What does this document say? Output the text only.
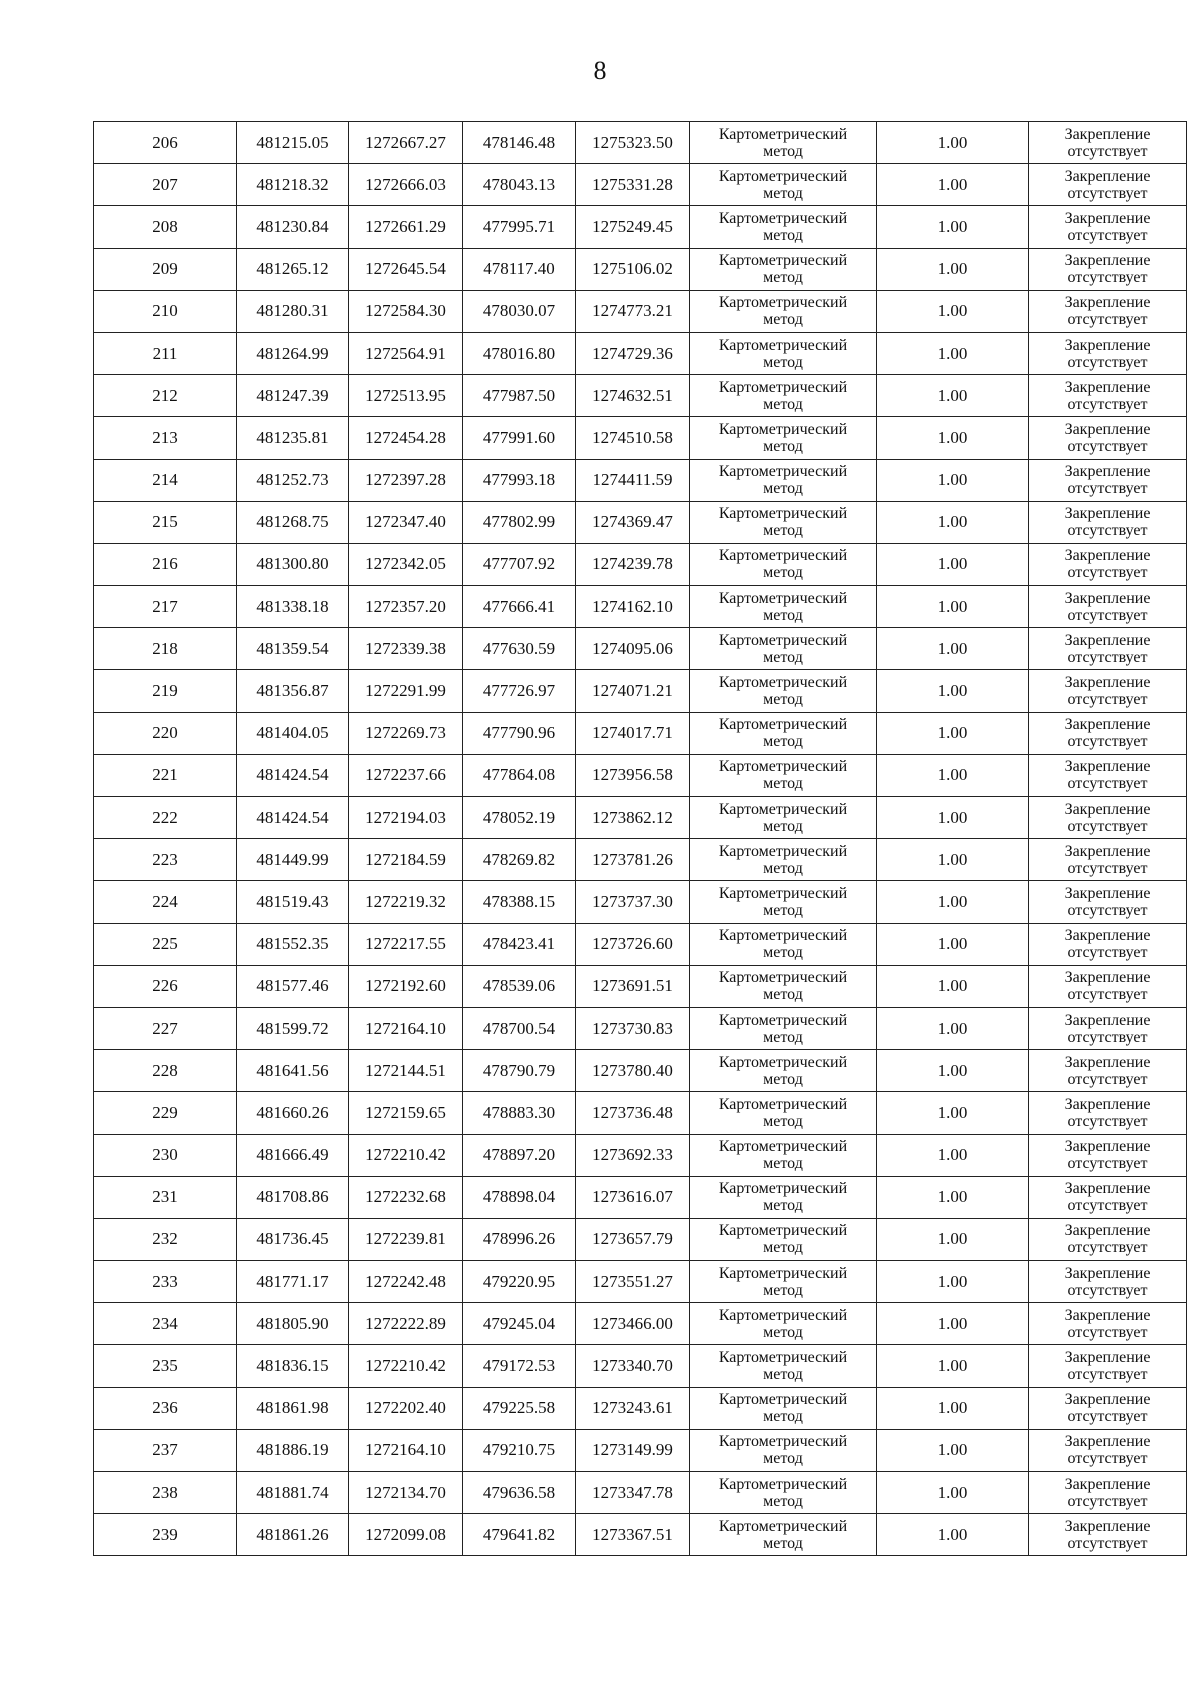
8
206	481215.05	1272667.27	478146.48	1275323.50	Картометрический
метод	1.00	Закрепление
отсутствует

207	481218.32	1272666.03	478043.13	1275331.28	Картометрический
метод	1.00	Закрепление
отсутствует

208	481230.84	1272661.29	477995.71	1275249.45	Картометрический
метод	1.00	Закрепление
отсутствует

209	481265.12	1272645.54	478117.40	1275106.02	Картометрический
метод	1.00	Закрепление
отсутствует

210	481280.31	1272584.30	478030.07	1274773.21	Картометрический
метод	1.00	Закрепление
отсутствует

211	481264.99	1272564.91	478016.80	1274729.36	Картометрический
метод	1.00	Закрепление
отсутствует

212	481247.39	1272513.95	477987.50	1274632.51	Картометрический
метод	1.00	Закрепление
отсутствует

213	481235.81	1272454.28	477991.60	1274510.58	Картометрический
метод	1.00	Закрепление
отсутствует

214	481252.73	1272397.28	477993.18	1274411.59	Картометрический
метод	1.00	Закрепление
отсутствует

215	481268.75	1272347.40	477802.99	1274369.47	Картометрический
метод	1.00	Закрепление
отсутствует

216	481300.80	1272342.05	477707.92	1274239.78	Картометрический
метод	1.00	Закрепление
отсутствует

217	481338.18	1272357.20	477666.41	1274162.10	Картометрический
метод	1.00	Закрепление
отсутствует

218	481359.54	1272339.38	477630.59	1274095.06	Картометрический
метод	1.00	Закрепление
отсутствует

219	481356.87	1272291.99	477726.97	1274071.21	Картометрический
метод	1.00	Закрепление
отсутствует

220	481404.05	1272269.73	477790.96	1274017.71	Картометрический
метод	1.00	Закрепление
отсутствует

221	481424.54	1272237.66	477864.08	1273956.58	Картометрический
метод	1.00	Закрепление
отсутствует

222	481424.54	1272194.03	478052.19	1273862.12	Картометрический
метод	1.00	Закрепление
отсутствует

223	481449.99	1272184.59	478269.82	1273781.26	Картометрический
метод	1.00	Закрепление
отсутствует

224	481519.43	1272219.32	478388.15	1273737.30	Картометрический
метод	1.00	Закрепление
отсутствует

225	481552.35	1272217.55	478423.41	1273726.60	Картометрический
метод	1.00	Закрепление
отсутствует

226	481577.46	1272192.60	478539.06	1273691.51	Картометрический
метод	1.00	Закрепление
отсутствует

227	481599.72	1272164.10	478700.54	1273730.83	Картометрический
метод	1.00	Закрепление
отсутствует

228	481641.56	1272144.51	478790.79	1273780.40	Картометрический
метод	1.00	Закрепление
отсутствует

229	481660.26	1272159.65	478883.30	1273736.48	Картометрический
метод	1.00	Закрепление
отсутствует

230	481666.49	1272210.42	478897.20	1273692.33	Картометрический
метод	1.00	Закрепление
отсутствует

231	481708.86	1272232.68	478898.04	1273616.07	Картометрический
метод	1.00	Закрепление
отсутствует

232	481736.45	1272239.81	478996.26	1273657.79	Картометрический
метод	1.00	Закрепление
отсутствует

233	481771.17	1272242.48	479220.95	1273551.27	Картометрический
метод	1.00	Закрепление
отсутствует

234	481805.90	1272222.89	479245.04	1273466.00	Картометрический
метод	1.00	Закрепление
отсутствует

235	481836.15	1272210.42	479172.53	1273340.70	Картометрический
метод	1.00	Закрепление
отсутствует

236	481861.98	1272202.40	479225.58	1273243.61	Картометрический
метод	1.00	Закрепление
отсутствует

237	481886.19	1272164.10	479210.75	1273149.99	Картометрический
метод	1.00	Закрепление
отсутствует

238	481881.74	1272134.70	479636.58	1273347.78	Картометрический
метод	1.00	Закрепление
отсутствует

239	481861.26	1272099.08	479641.82	1273367.51	Картометрический
метод	1.00	Закрепление
отсутствует
